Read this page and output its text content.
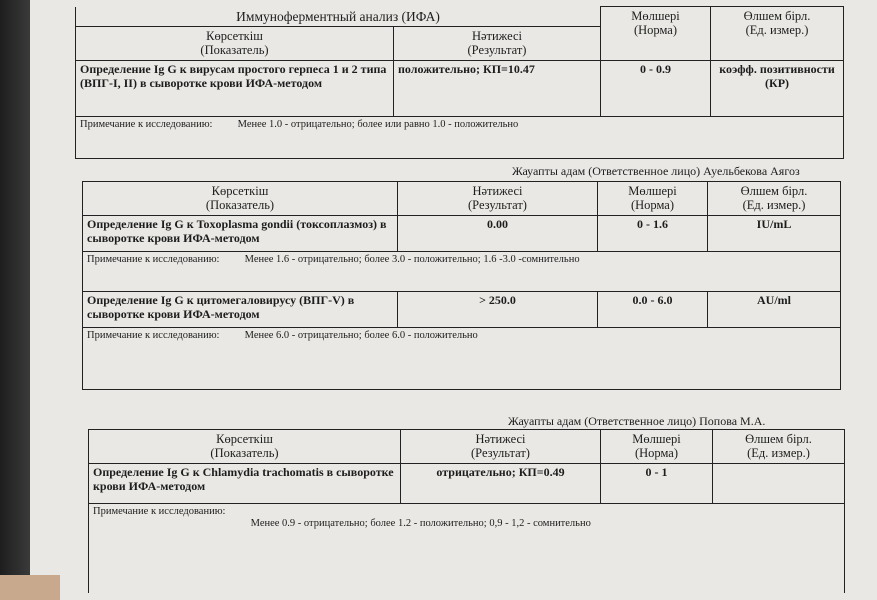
Иммуноферментный анализ (ИФА)		Мөлшері
(Норма)	Өлшем бірл.
(Ед. измер.)
Көрсеткіш
(Показатель)	Нәтижесі
(Результат)		
Определение Ig G к вирусам простого герпеса 1 и 2 типа (ВПГ-I, II) в сыворотке крови ИФА-методом	положительно; КП=10.47	0 - 0.9	коэфф. позитивности (КР)
Примечание к исследованию: Менее 1.0 - отрицательно; более или равно 1.0 - положительно			
Жауапты адам (Ответственное лицо) Ауельбекова Аягоз
Көрсеткіш
(Показатель)	Нәтижесі
(Результат)	Мөлшері
(Норма)	Өлшем бірл.
(Ед. измер.)
Определение Ig G к Toxoplasma gondii (токсоплазмоз) в сыворотке крови ИФА-методом	0.00	0 - 1.6	IU/mL
Примечание к исследованию: Менее 1.6 - отрицательно; более 3.0 - положительно; 1.6 -3.0 -сомнительно			
Определение Ig G к цитомегаловирусу (ВПГ-V) в сыворотке крови ИФА-методом	> 250.0	0.0 - 6.0	AU/ml
Примечание к исследованию: Менее 6.0 - отрицательно; более 6.0 - положительно			
Жауапты адам (Ответственное лицо) Попова М.А.
Көрсеткіш
(Показатель)	Нәтижесі
(Результат)	Мөлшері
(Норма)	Өлшем бірл.
(Ед. измер.)
Определение Ig G к Chlamydia trachomatis в сыворотке крови ИФА-методом	отрицательно; КП=0.49	0 - 1	
Примечание к исследованию: Менее 0.9 - отрицательно; более 1.2 - положительно; 0,9 - 1,2 - сомнительно			
